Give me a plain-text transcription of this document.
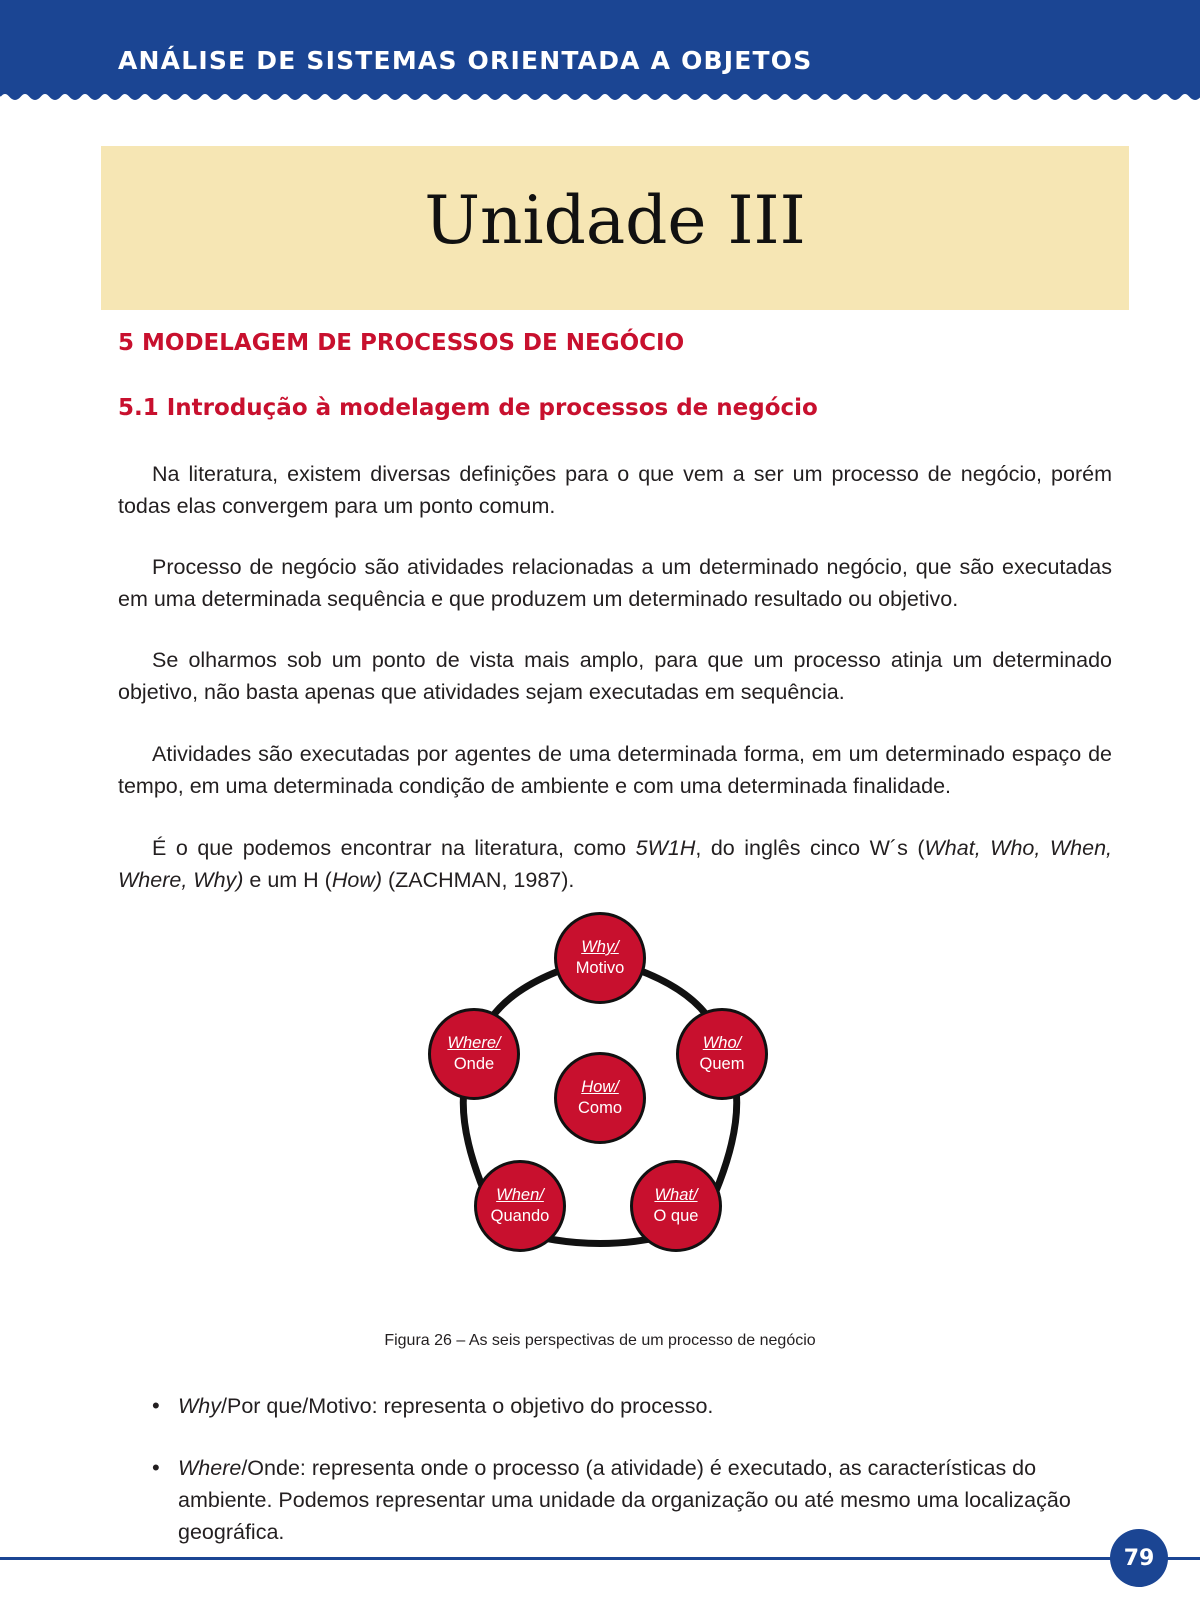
ANÁLISE DE SISTEMAS ORIENTADA A OBJETOS
Unidade III
5 MODELAGEM DE PROCESSOS DE NEGÓCIO
5.1 Introdução à modelagem de processos de negócio

Na literatura, existem diversas definições para o que vem a ser um processo de negócio, porém todas elas convergem para um ponto comum.

Processo de negócio são atividades relacionadas a um determinado negócio, que são executadas em uma determinada sequência e que produzem um determinado resultado ou objetivo.

Se olharmos sob um ponto de vista mais amplo, para que um processo atinja um determinado objetivo, não basta apenas que atividades sejam executadas em sequência.

Atividades são executadas por agentes de uma determinada forma, em um determinado espaço de tempo, em uma determinada condição de ambiente e com uma determinada finalidade.

É o que podemos encontrar na literatura, como 5W1H, do inglês cinco W´s (What, Who, When, Where, Why) e um H (How) (ZACHMAN, 1987).

Why/
Motivo
Who/
Quem
What/
O que
When/
Quando
Where/
Onde
How/
Como

Figura 26 – As seis perspectivas de um processo de negócio

• Why/Por que/Motivo: representa o objetivo do processo.

• Where/Onde: representa onde o processo (a atividade) é executado, as características do ambiente. Podemos representar uma unidade da organização ou até mesmo uma localização geográfica.

79
